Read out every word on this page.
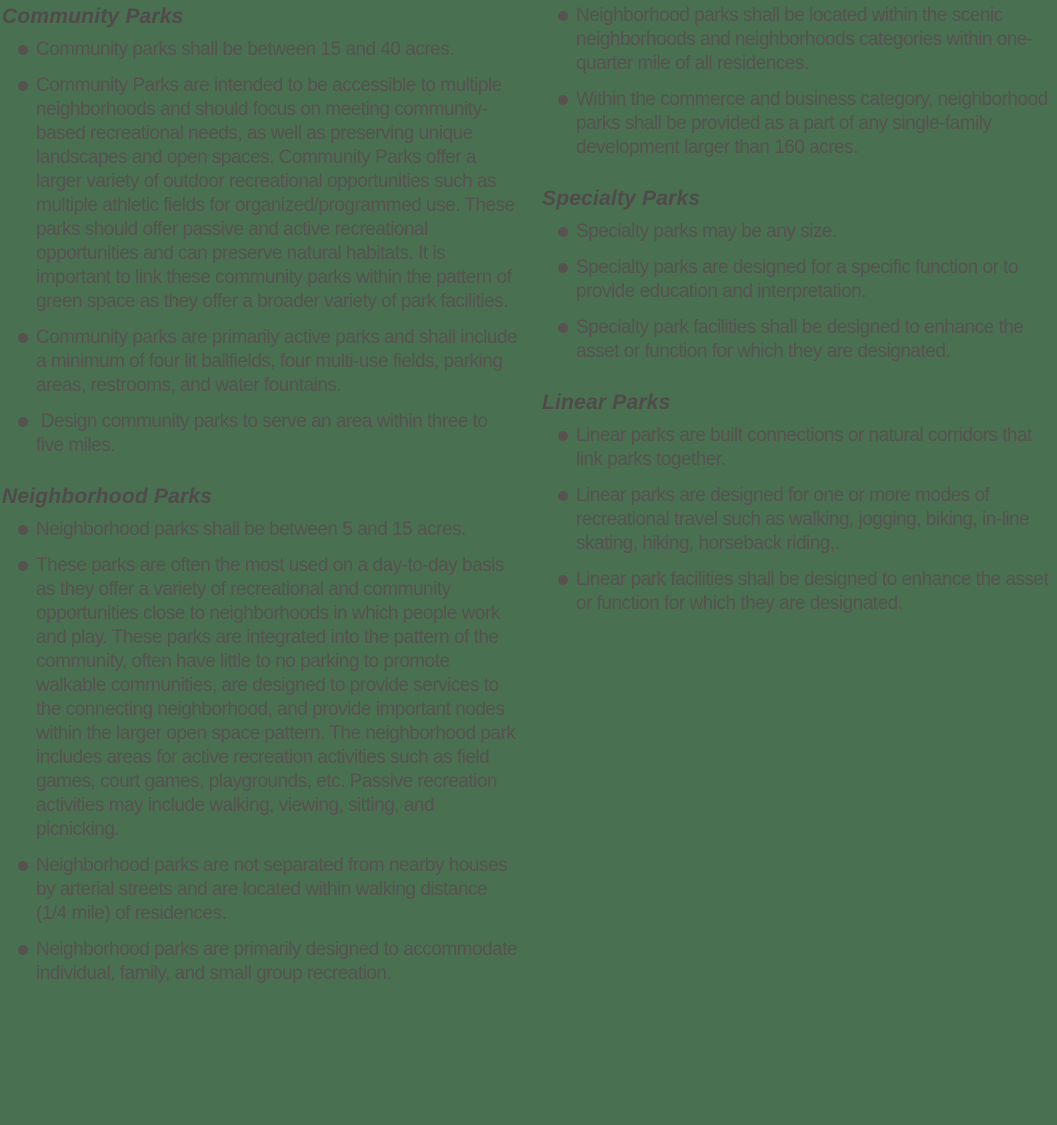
Community Parks
Community parks shall be between 15 and 40 acres.
Community Parks are intended to be accessible to multiple neighborhoods and should focus on meeting community-based recreational needs, as well as preserving unique landscapes and open spaces. Community Parks offer a larger variety of outdoor recreational opportunities such as multiple athletic fields for organized/programmed use. These parks should offer passive and active recreational opportunities and can preserve natural habitats. It is important to link these community parks within the pattern of green space as they offer a broader variety of park facilities.
Community parks are primarily active parks and shall include a minimum of four lit ballfields, four multi-use fields, parking areas, restrooms, and water fountains.
Design community parks to serve an area within three to five miles.
Neighborhood Parks
Neighborhood parks shall be between 5 and 15 acres.
These parks are often the most used on a day-to-day basis as they offer a variety of recreational and community opportunities close to neighborhoods in which people work and play. These parks are integrated into the pattern of the community, often have little to no parking to promote walkable communities, are designed to provide services to the connecting neighborhood, and provide important nodes within the larger open space pattern. The neighborhood park includes areas for active recreation activities such as field games, court games, playgrounds, etc. Passive recreation activities may include walking, viewing, sitting, and picnicking.
Neighborhood parks are not separated from nearby houses by arterial streets and are located within walking distance (1/4 mile) of residences.
Neighborhood parks are primarily designed to accommodate individual, family, and small group recreation.
Neighborhood parks shall be located within the scenic neighborhoods and neighborhoods categories within one-quarter mile of all residences.
Within the commerce and business category, neighborhood parks shall be provided as a part of any single-family development larger than 160 acres.
Specialty Parks
Specialty parks may be any size.
Specialty parks are designed for a specific function or to provide education and interpretation.
Specialty park facilities shall be designed to enhance the asset or function for which they are designated.
Linear Parks
Linear parks are built connections or natural corridors that link parks together.
Linear parks are designed for one or more modes of recreational travel such as walking, jogging, biking, in-line skating, hiking, horseback riding,.
Linear park facilities shall be designed to enhance the asset or function for which they are designated.
